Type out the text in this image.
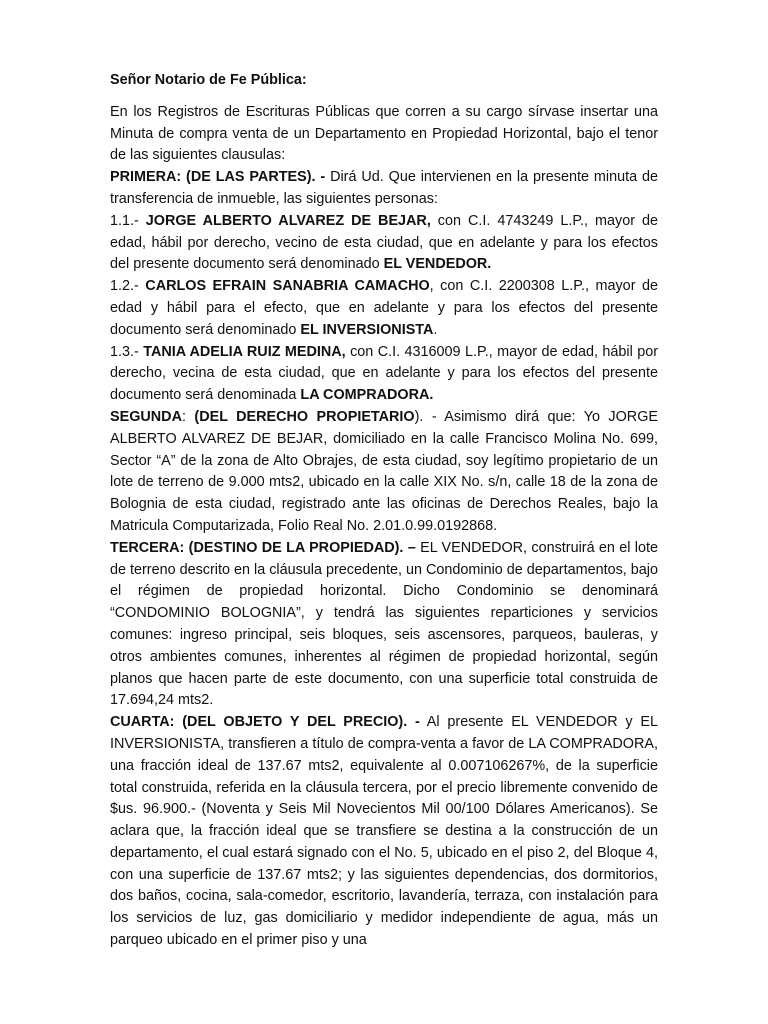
Señor Notario de Fe Pública:

En los Registros de Escrituras Públicas que corren a su cargo sírvase insertar una Minuta de compra venta de un Departamento en Propiedad Horizontal, bajo el tenor de las siguientes clausulas:

PRIMERA: (DE LAS PARTES). - Dirá Ud. Que intervienen en la presente minuta de transferencia de inmueble, las siguientes personas:

1.1.- JORGE ALBERTO ALVAREZ DE BEJAR, con C.I. 4743249 L.P., mayor de edad, hábil por derecho, vecino de esta ciudad, que en adelante y para los efectos del presente documento será denominado EL VENDEDOR.

1.2.- CARLOS EFRAIN SANABRIA CAMACHO, con C.I. 2200308 L.P., mayor de edad y hábil para el efecto, que en adelante y para los efectos del presente documento será denominado EL INVERSIONISTA.

1.3.- TANIA ADELIA RUIZ MEDINA, con C.I. 4316009 L.P., mayor de edad, hábil por derecho, vecina de esta ciudad, que en adelante y para los efectos del presente documento será denominada LA COMPRADORA.

SEGUNDA: (DEL DERECHO PROPIETARIO). - Asimismo dirá que: Yo JORGE ALBERTO ALVAREZ DE BEJAR, domiciliado en la calle Francisco Molina No. 699, Sector “A” de la zona de Alto Obrajes, de esta ciudad, soy legítimo propietario de un lote de terreno de 9.000 mts2, ubicado en la calle XIX No. s/n, calle 18 de la zona de Bolognia de esta ciudad, registrado ante las oficinas de Derechos Reales, bajo la Matricula Computarizada, Folio Real No. 2.01.0.99.0192868.

TERCERA: (DESTINO DE LA PROPIEDAD). – EL VENDEDOR, construirá en el lote de terreno descrito en la cláusula precedente, un Condominio de departamentos, bajo el régimen de propiedad horizontal. Dicho Condominio se denominará “CONDOMINIO BOLOGNIA”, y tendrá las siguientes reparticiones y servicios comunes: ingreso principal, seis bloques, seis ascensores, parqueos, bauleras, y otros ambientes comunes, inherentes al régimen de propiedad horizontal, según planos que hacen parte de este documento, con una superficie total construida de 17.694,24 mts2.

CUARTA: (DEL OBJETO Y DEL PRECIO). - Al presente EL VENDEDOR y EL INVERSIONISTA, transfieren a título de compra-venta a favor de LA COMPRADORA, una fracción ideal de 137.67 mts2, equivalente al 0.007106267%, de la superficie total construida, referida en la cláusula tercera, por el precio libremente convenido de $us. 96.900.- (Noventa y Seis Mil Novecientos Mil 00/100 Dólares Americanos). Se aclara que, la fracción ideal que se transfiere se destina a la construcción de un departamento, el cual estará signado con el No. 5, ubicado en el piso 2, del Bloque 4, con una superficie de 137.67 mts2; y las siguientes dependencias, dos dormitorios, dos baños, cocina, sala-comedor, escritorio, lavandería, terraza, con instalación para los servicios de luz, gas domiciliario y medidor independiente de agua, más un parqueo ubicado en el primer piso y una
